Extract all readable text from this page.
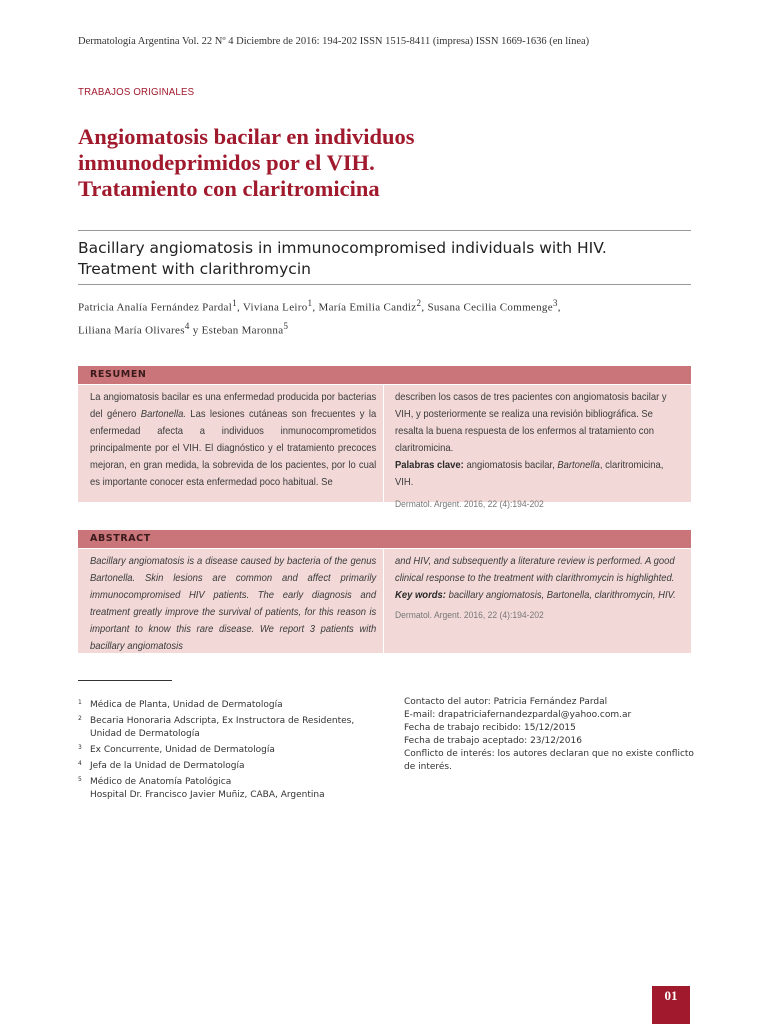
Dermatología Argentina Vol. 22 Nº 4 Diciembre de 2016: 194-202 ISSN 1515-8411 (impresa) ISSN 1669-1636 (en línea)
TRABAJOS ORIGINALES
Angiomatosis bacilar en individuos
inmunodeprimidos por el VIH.
Tratamiento con claritromicina
Bacillary angiomatosis in immunocompromised individuals with HIV.
Treatment with clarithromycin

Patricia Analía Fernández Pardal$^1$, Viviana Leiro$^1$, María Emilia Candiz$^2$, Susana Cecilia Commenge$^3$,
Liliana María Olivares$^4$ y Esteban Maronna$^5$

RESUMEN
La angiomatosis bacilar es una enfermedad producida por bacterias del género Bartonella. Las lesiones cutáneas son frecuentes y la enfermedad afecta a individuos inmunocomprometidos principalmente por el VIH. El diagnóstico y el tratamiento precoces mejoran, en gran medida, la sobrevida de los pacientes, por lo cual es importante conocer esta enfermedad poco habitual. Se
describen los casos de tres pacientes con angiomatosis bacilar y VIH, y posteriormente se realiza una revisión bibliográfica. Se resalta la buena respuesta de los enfermos al tratamiento con claritromicina.
Palabras clave: angiomatosis bacilar, Bartonella, claritromicina, VIH.
Dermatol. Argent. 2016, 22 (4):194-202
ABSTRACT
Bacillary angiomatosis is a disease caused by bacteria of the genus Bartonella. Skin lesions are common and affect primarily immunocompromised HIV patients. The early diagnosis and treatment greatly improve the survival of patients, for this reason is important to know this rare disease. We report 3 patients with bacillary angiomatosis
and HIV, and subsequently a literature review is performed. A good clinical response to the treatment with clarithromycin is highlighted.
Key words: bacillary angiomatosis, Bartonella, clarithromycin, HIV.
Dermatol. Argent. 2016, 22 (4):194-202
$^1$ Médica de Planta, Unidad de Dermatología
$^2$ Becaria Honoraria Adscripta, Ex Instructora de Residentes,
Unidad de Dermatología
$^3$ Ex Concurrente, Unidad de Dermatología
$^4$ Jefa de la Unidad de Dermatología
$^5$ Médico de Anatomía Patológica
Hospital Dr. Francisco Javier Muñiz, CABA, Argentina
Contacto del autor: Patricia Fernández Pardal
E-mail: drapatriciafernandezpardal@yahoo.com.ar
Fecha de trabajo recibido: 15/12/2015
Fecha de trabajo aceptado: 23/12/2016
Conflicto de interés: los autores declaran que no existe conflicto de interés.
01
